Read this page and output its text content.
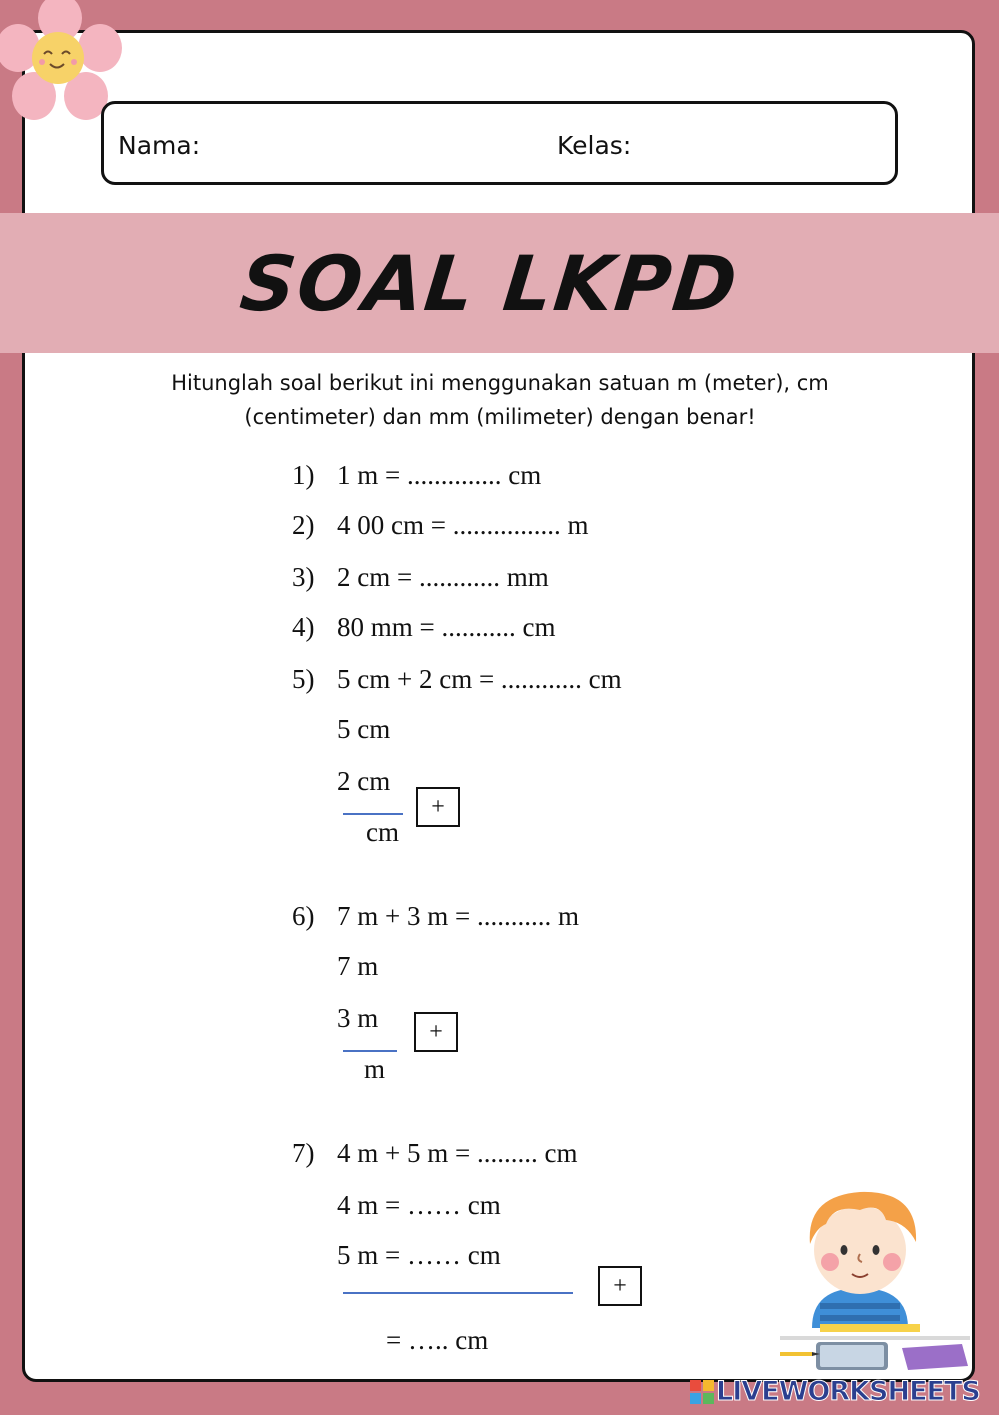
Nama:	Kelas:
SOAL LKPD
Hitunglah soal berikut ini menggunakan satuan m (meter), cm
(centimeter) dan mm (milimeter) dengan benar!
1) 1 m = .............. cm
2) 4 00 cm = ................ m
3) 2 cm = ............ mm
4) 80 mm = ........... cm
5) 5 cm + 2 cm = ............ cm
5 cm
2 cm
cm
+
6) 7 m + 3 m = ........... m
7 m
3 m
m
+
7) 4 m + 5 m = ......... cm
4 m = …… cm
5 m = …… cm
= ….. cm
+
LIVEWORKSHEETS
